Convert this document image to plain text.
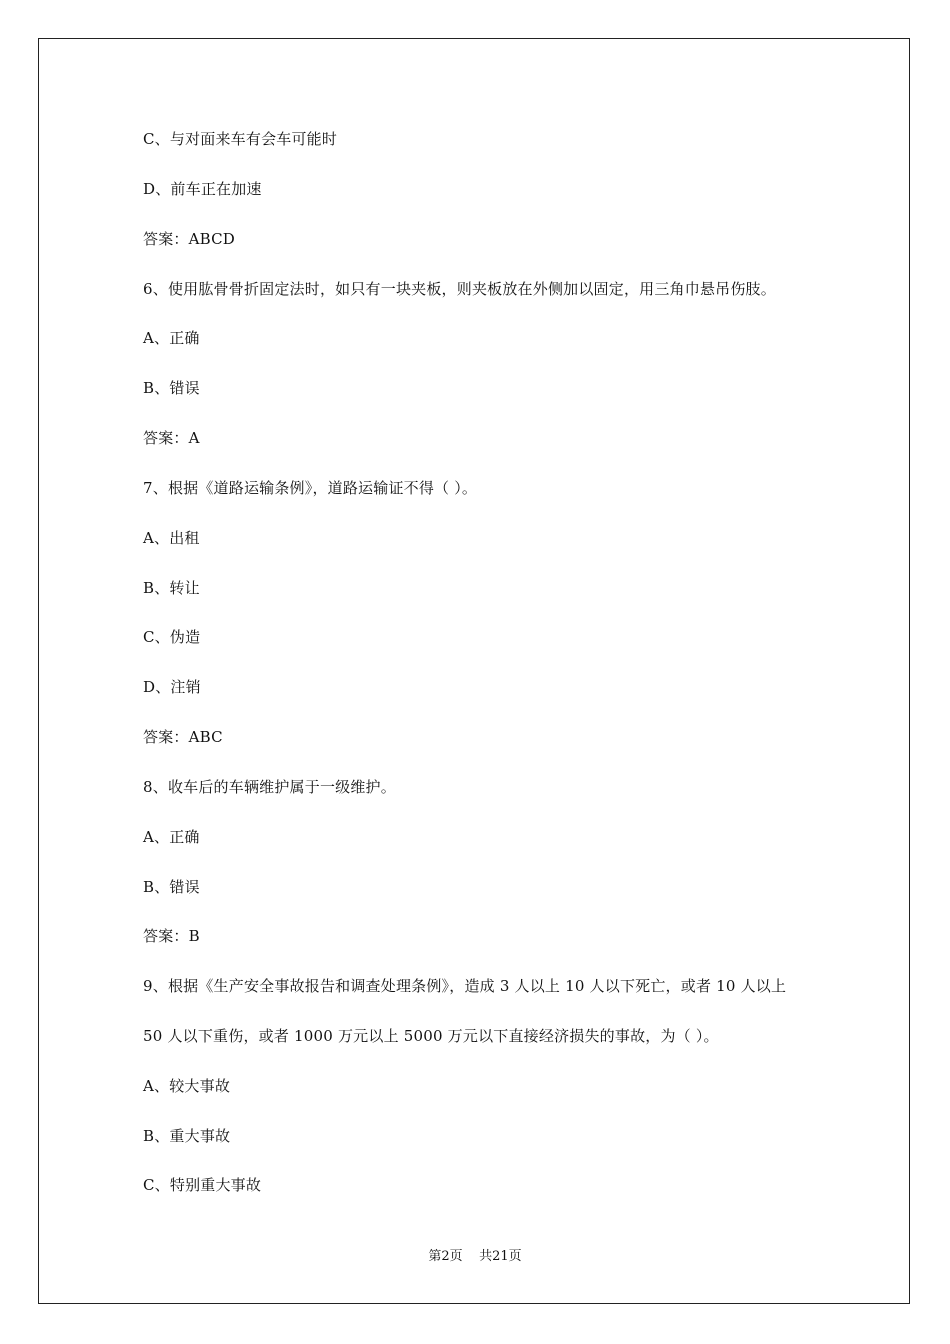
C、与对面来车有会车可能时
D、前车正在加速
答案：ABCD
6、使用肱骨骨折固定法时，如只有一块夹板，则夹板放在外侧加以固定，用三角巾悬吊伤肢。
A、正确
B、错误
答案：A
7、根据《道路运输条例》，道路运输证不得（ ）。
A、出租
B、转让
C、伪造
D、注销
答案：ABC
8、收车后的车辆维护属于一级维护。
A、正确
B、错误
答案：B
9、根据《生产安全事故报告和调查处理条例》，造成 3 人以上 10 人以下死亡，或者 10 人以上
50 人以下重伤，或者 1000 万元以上 5000 万元以下直接经济损失的事故，为（ ）。
A、较大事故
B、重大事故
C、特别重大事故
第2页    共21页
